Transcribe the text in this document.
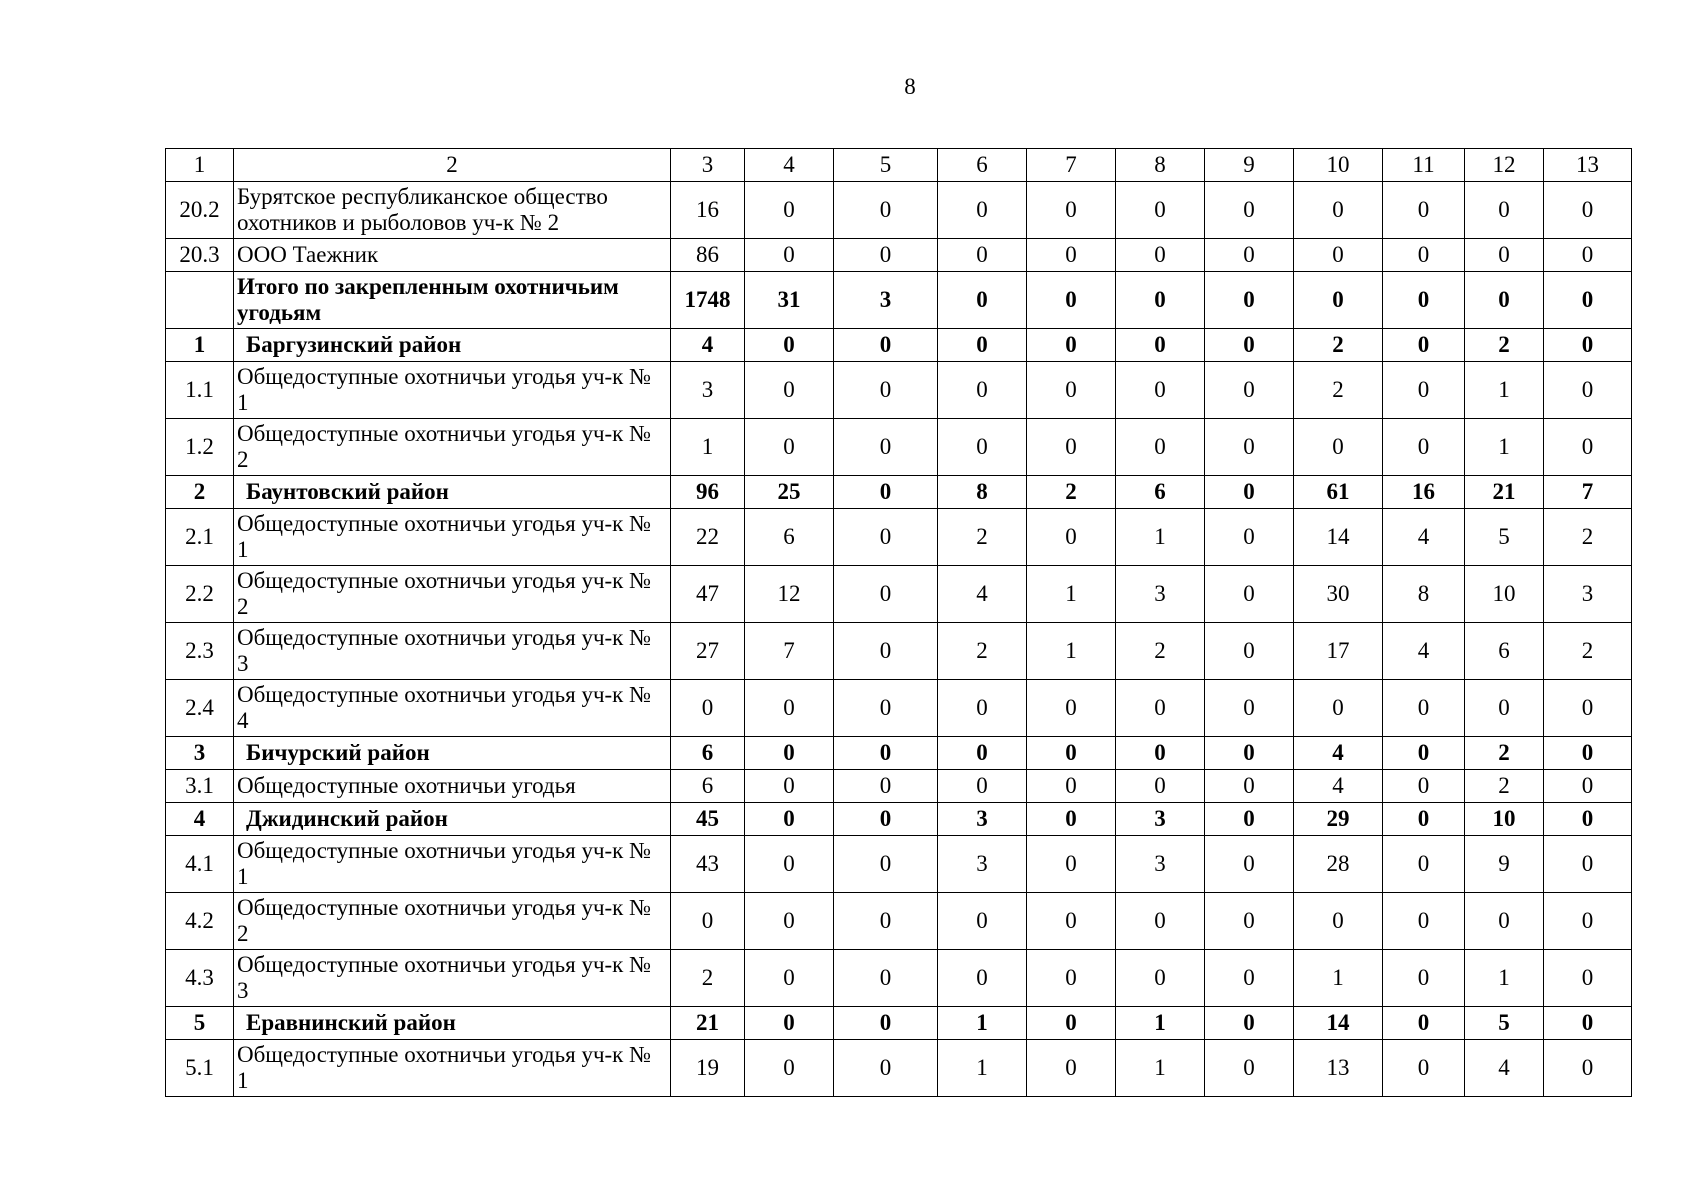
8
1	2	3	4	5	6	7	8	9	10	11	12	13
20.2	Бурятское республиканское общество охотников и рыболовов уч-к № 2	16	0	0	0	0	0	0	0	0	0	0
20.3	ООО Таежник	86	0	0	0	0	0	0	0	0	0	0
	Итого по закрепленным охотничьим угодьям	1748	31	3	0	0	0	0	0	0	0	0
1	Баргузинский район	4	0	0	0	0	0	0	2	0	2	0
1.1	Общедоступные охотничьи угодья уч-к № 1	3	0	0	0	0	0	0	2	0	1	0
1.2	Общедоступные охотничьи угодья уч-к № 2	1	0	0	0	0	0	0	0	0	1	0
2	Баунтовский район	96	25	0	8	2	6	0	61	16	21	7
2.1	Общедоступные охотничьи угодья уч-к № 1	22	6	0	2	0	1	0	14	4	5	2
2.2	Общедоступные охотничьи угодья уч-к № 2	47	12	0	4	1	3	0	30	8	10	3
2.3	Общедоступные охотничьи угодья уч-к № 3	27	7	0	2	1	2	0	17	4	6	2
2.4	Общедоступные охотничьи угодья уч-к № 4	0	0	0	0	0	0	0	0	0	0	0
3	Бичурский район	6	0	0	0	0	0	0	4	0	2	0
3.1	Общедоступные охотничьи угодья	6	0	0	0	0	0	0	4	0	2	0
4	Джидинский район	45	0	0	3	0	3	0	29	0	10	0
4.1	Общедоступные охотничьи угодья уч-к № 1	43	0	0	3	0	3	0	28	0	9	0
4.2	Общедоступные охотничьи угодья уч-к № 2	0	0	0	0	0	0	0	0	0	0	0
4.3	Общедоступные охотничьи угодья уч-к № 3	2	0	0	0	0	0	0	1	0	1	0
5	Еравнинский район	21	0	0	1	0	1	0	14	0	5	0
5.1	Общедоступные охотничьи угодья уч-к № 1	19	0	0	1	0	1	0	13	0	4	0
